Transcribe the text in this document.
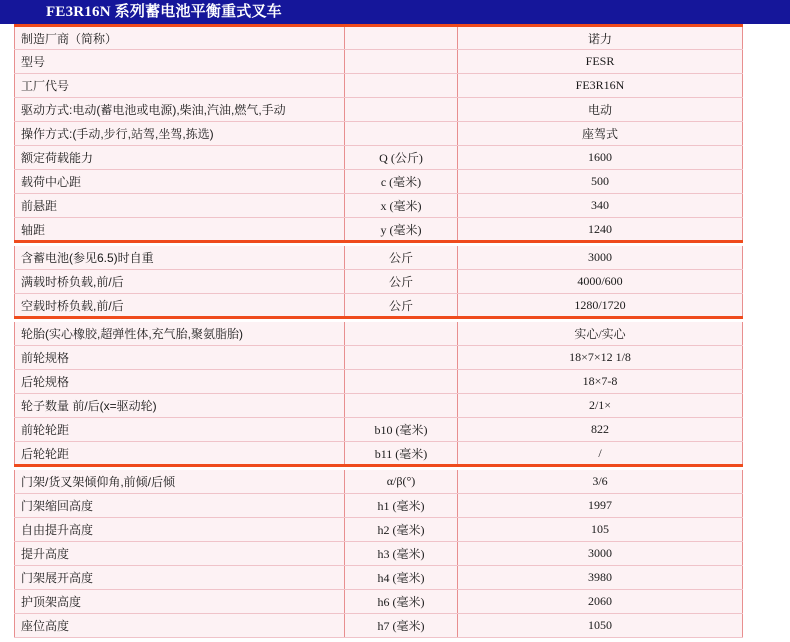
FE3R16N 系列蓄电池平衡重式叉车
制造厂商（简称）		诺力
型号		FESR
工厂代号		FE3R16N
驱动方式:电动(蓄电池或电源),柴油,汽油,燃气,手动		电动
操作方式:(手动,步行,站驾,坐驾,拣选)		座驾式
额定荷载能力	Q (公斤)	1600
载荷中心距	c (毫米)	500
前悬距	x (毫米)	340
轴距	y (毫米)	1240

含蓄电池(参见6.5)时自重	公斤	3000
满载时桥负载,前/后	公斤	4000/600
空载时桥负载,前/后	公斤	1280/1720

轮胎(实心橡胶,超弹性体,充气胎,聚氨脂胎)		实心/实心
前轮规格		18×7×12 1/8
后轮规格		18×7-8
轮子数量 前/后(x=驱动轮)		2/1×
前轮轮距	b10 (毫米)	822
后轮轮距	b11 (毫米)	/

门架/货叉架倾仰角,前倾/后倾	α/β(°)	3/6
门架缩回高度	h1 (毫米)	1997
自由提升高度	h2 (毫米)	105
提升高度	h3 (毫米)	3000
门架展开高度	h4 (毫米)	3980
护顶架高度	h6 (毫米)	2060
座位高度	h7 (毫米)	1050
